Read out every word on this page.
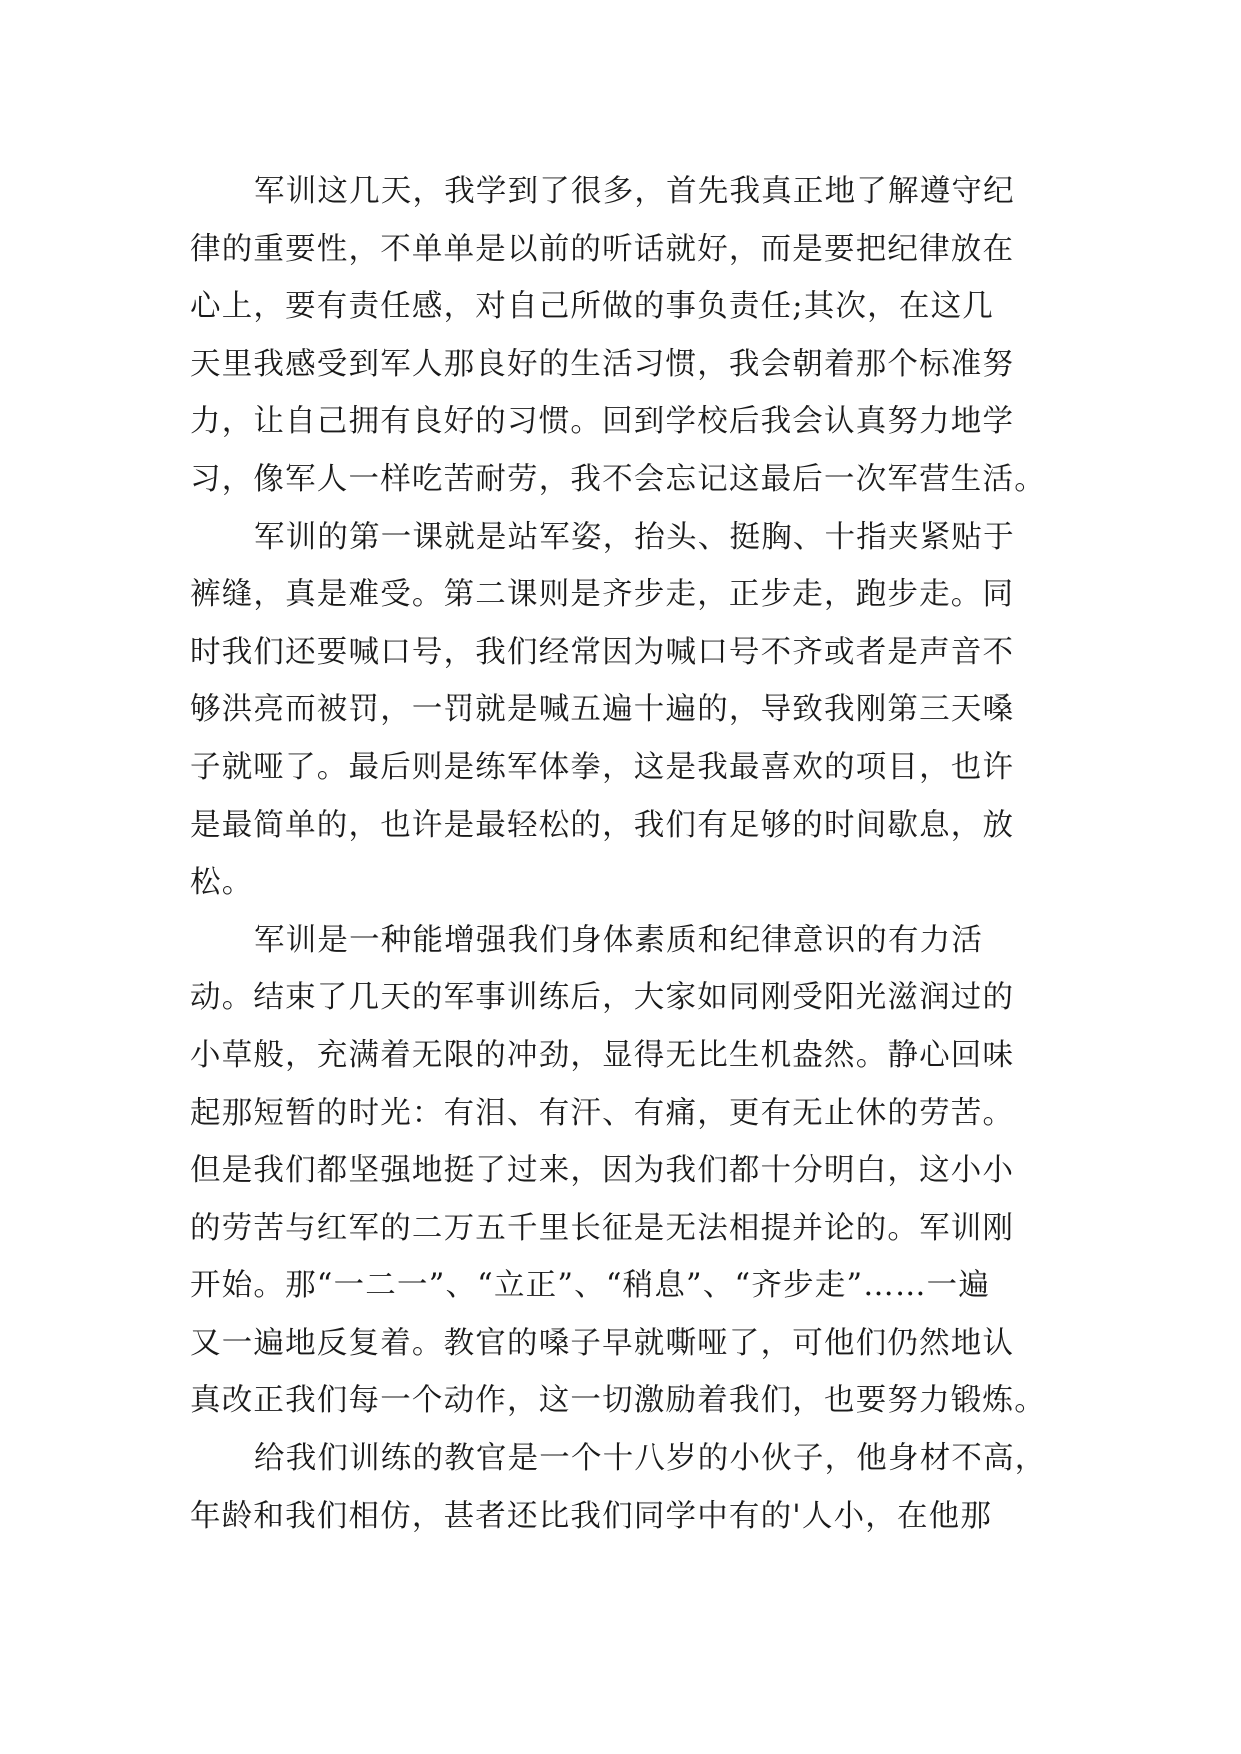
军训这几天，我学到了很多，首先我真正地了解遵守纪
律的重要性，不单单是以前的听话就好，而是要把纪律放在
心上，要有责任感，对自己所做的事负责任;其次，在这几
天里我感受到军人那良好的生活习惯，我会朝着那个标准努
力，让自己拥有良好的习惯。回到学校后我会认真努力地学
习，像军人一样吃苦耐劳，我不会忘记这最后一次军营生活。
军训的第一课就是站军姿，抬头、挺胸、十指夹紧贴于
裤缝，真是难受。第二课则是齐步走，正步走，跑步走。同
时我们还要喊口号，我们经常因为喊口号不齐或者是声音不
够洪亮而被罚，一罚就是喊五遍十遍的，导致我刚第三天嗓
子就哑了。最后则是练军体拳，这是我最喜欢的项目，也许
是最简单的，也许是最轻松的，我们有足够的时间歇息，放
松。
军训是一种能增强我们身体素质和纪律意识的有力活
动。结束了几天的军事训练后，大家如同刚受阳光滋润过的
小草般，充满着无限的冲劲，显得无比生机盎然。静心回味
起那短暂的时光：有泪、有汗、有痛，更有无止休的劳苦。
但是我们都坚强地挺了过来，因为我们都十分明白，这小小
的劳苦与红军的二万五千里长征是无法相提并论的。军训刚
开始。那“一二一”、“立正”、“稍息”、“齐步走”……一遍
又一遍地反复着。教官的嗓子早就嘶哑了，可他们仍然地认
真改正我们每一个动作，这一切激励着我们，也要努力锻炼。
给我们训练的教官是一个十八岁的小伙子，他身材不高，
年龄和我们相仿，甚者还比我们同学中有的'人小，在他那
